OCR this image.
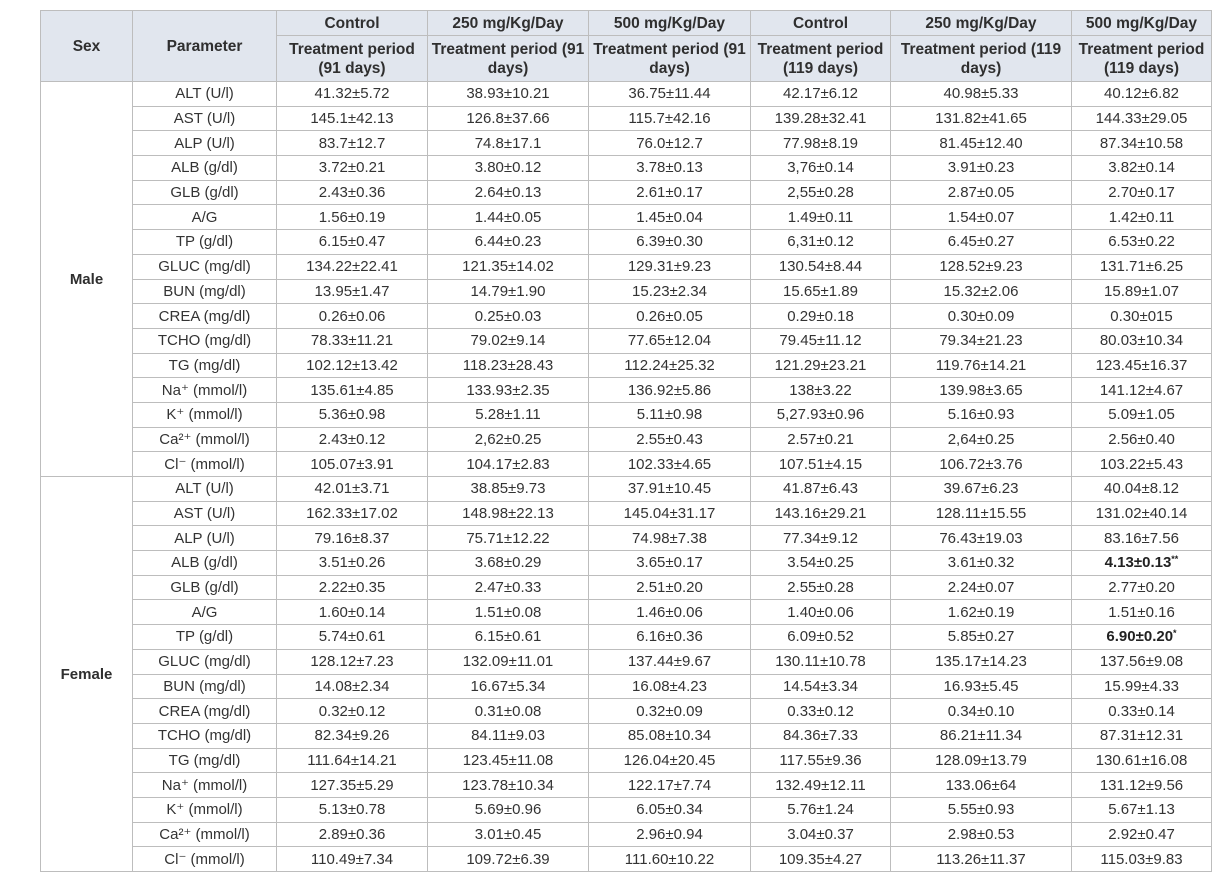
Sex	Parameter	Control	250 mg/Kg/Day	500 mg/Kg/Day	Control	250 mg/Kg/Day	500 mg/Kg/Day
		Treatment period (91 days)	Treatment period (91 days)	Treatment period (91 days)	Treatment period (119 days)	Treatment period (119 days)	Treatment period (119 days)
Male	ALT (U/l)	41.32±5.72	38.93±10.21	36.75±11.44	42.17±6.12	40.98±5.33	40.12±6.82
	AST (U/l)	145.1±42.13	126.8±37.66	115.7±42.16	139.28±32.41	131.82±41.65	144.33±29.05
	ALP (U/l)	83.7±12.7	74.8±17.1	76.0±12.7	77.98±8.19	81.45±12.40	87.34±10.58
	ALB (g/dl)	3.72±0.21	3.80±0.12	3.78±0.13	3,76±0.14	3.91±0.23	3.82±0.14
	GLB (g/dl)	2.43±0.36	2.64±0.13	2.61±0.17	2,55±0.28	2.87±0.05	2.70±0.17
	A/G	1.56±0.19	1.44±0.05	1.45±0.04	1.49±0.11	1.54±0.07	1.42±0.11
	TP (g/dl)	6.15±0.47	6.44±0.23	6.39±0.30	6,31±0.12	6.45±0.27	6.53±0.22
	GLUC (mg/dl)	134.22±22.41	121.35±14.02	129.31±9.23	130.54±8.44	128.52±9.23	131.71±6.25
	BUN (mg/dl)	13.95±1.47	14.79±1.90	15.23±2.34	15.65±1.89	15.32±2.06	15.89±1.07
	CREA (mg/dl)	0.26±0.06	0.25±0.03	0.26±0.05	0.29±0.18	0.30±0.09	0.30±015
	TCHO (mg/dl)	78.33±11.21	79.02±9.14	77.65±12.04	79.45±11.12	79.34±21.23	80.03±10.34
	TG (mg/dl)	102.12±13.42	118.23±28.43	112.24±25.32	121.29±23.21	119.76±14.21	123.45±16.37
	Na⁺ (mmol/l)	135.61±4.85	133.93±2.35	136.92±5.86	138±3.22	139.98±3.65	141.12±4.67
	K⁺ (mmol/l)	5.36±0.98	5.28±1.11	5.11±0.98	5,27.93±0.96	5.16±0.93	5.09±1.05
	Ca²⁺ (mmol/l)	2.43±0.12	2,62±0.25	2.55±0.43	2.57±0.21	2,64±0.25	2.56±0.40
	Cl⁻ (mmol/l)	105.07±3.91	104.17±2.83	102.33±4.65	107.51±4.15	106.72±3.76	103.22±5.43
Female	ALT (U/l)	42.01±3.71	38.85±9.73	37.91±10.45	41.87±6.43	39.67±6.23	40.04±8.12
	AST (U/l)	162.33±17.02	148.98±22.13	145.04±31.17	143.16±29.21	128.11±15.55	131.02±40.14
	ALP (U/l)	79.16±8.37	75.71±12.22	74.98±7.38	77.34±9.12	76.43±19.03	83.16±7.56
	ALB (g/dl)	3.51±0.26	3.68±0.29	3.65±0.17	3.54±0.25	3.61±0.32	4.13±0.13**
	GLB (g/dl)	2.22±0.35	2.47±0.33	2.51±0.20	2.55±0.28	2.24±0.07	2.77±0.20
	A/G	1.60±0.14	1.51±0.08	1.46±0.06	1.40±0.06	1.62±0.19	1.51±0.16
	TP (g/dl)	5.74±0.61	6.15±0.61	6.16±0.36	6.09±0.52	5.85±0.27	6.90±0.20*
	GLUC (mg/dl)	128.12±7.23	132.09±11.01	137.44±9.67	130.11±10.78	135.17±14.23	137.56±9.08
	BUN (mg/dl)	14.08±2.34	16.67±5.34	16.08±4.23	14.54±3.34	16.93±5.45	15.99±4.33
	CREA (mg/dl)	0.32±0.12	0.31±0.08	0.32±0.09	0.33±0.12	0.34±0.10	0.33±0.14
	TCHO (mg/dl)	82.34±9.26	84.11±9.03	85.08±10.34	84.36±7.33	86.21±11.34	87.31±12.31
	TG (mg/dl)	111.64±14.21	123.45±11.08	126.04±20.45	117.55±9.36	128.09±13.79	130.61±16.08
	Na⁺ (mmol/l)	127.35±5.29	123.78±10.34	122.17±7.74	132.49±12.11	133.06±64	131.12±9.56
	K⁺ (mmol/l)	5.13±0.78	5.69±0.96	6.05±0.34	5.76±1.24	5.55±0.93	5.67±1.13
	Ca²⁺ (mmol/l)	2.89±0.36	3.01±0.45	2.96±0.94	3.04±0.37	2.98±0.53	2.92±0.47
	Cl⁻ (mmol/l)	110.49±7.34	109.72±6.39	111.60±10.22	109.35±4.27	113.26±11.37	115.03±9.83
